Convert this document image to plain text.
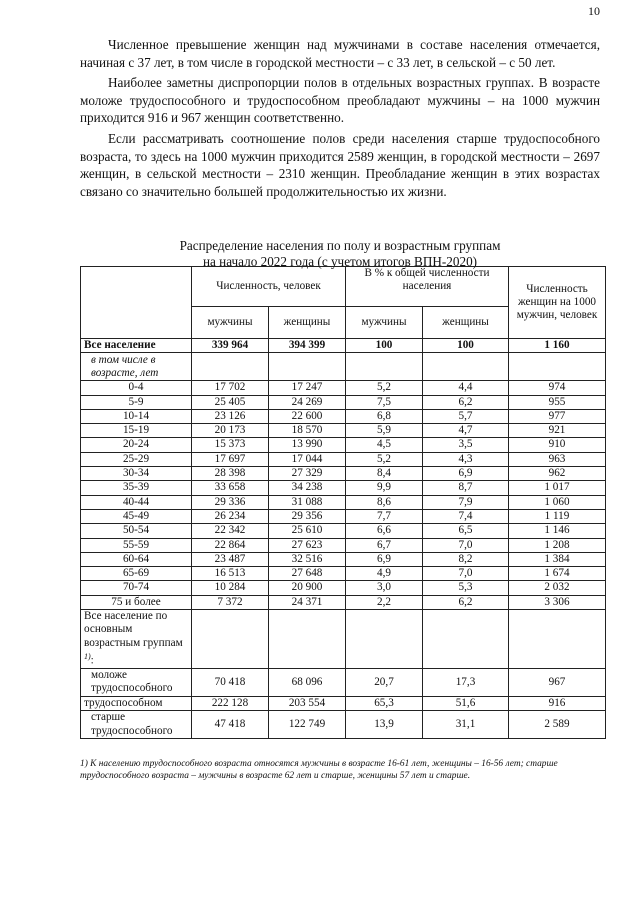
10

Численное превышение женщин над мужчинами в составе населения отмечается, начиная с 37 лет, в том числе в городской местности – с 33 лет, в сельской – с 50 лет.

Наиболее заметны диспропорции полов в отдельных возрастных группах. В возрасте моложе трудоспособного и трудоспособном преобладают мужчины – на 1000 мужчин приходится 916 и 967 женщин соответственно.

Если рассматривать соотношение полов среди населения старше трудоспособного возраста, то здесь на 1000 мужчин приходится 2589 женщин, в городской местности – 2697 женщин, в сельской местности – 2310 женщин. Преобладание женщин в этих возрастах связано со значительно большей продолжительностью их жизни.

Распределение населения по полу и возрастным группам
на начало 2022 года (с учетом итогов ВПН-2020)
	Численность, человек		В % к общей численности населения		Численность женщин на 1000 мужчин, человек
	мужчины	женщины	мужчины	женщины	
Все население	339 964	394 399	100	100	1 160
в том числе в возрасте, лет					
0-4	17 702	17 247	5,2	4,4	974
5-9	25 405	24 269	7,5	6,2	955
10-14	23 126	22 600	6,8	5,7	977
15-19	20 173	18 570	5,9	4,7	921
20-24	15 373	13 990	4,5	3,5	910
25-29	17 697	17 044	5,2	4,3	963
30-34	28 398	27 329	8,4	6,9	962
35-39	33 658	34 238	9,9	8,7	1 017
40-44	29 336	31 088	8,6	7,9	1 060
45-49	26 234	29 356	7,7	7,4	1 119
50-54	22 342	25 610	6,6	6,5	1 146
55-59	22 864	27 623	6,7	7,0	1 208
60-64	23 487	32 516	6,9	8,2	1 384
65-69	16 513	27 648	4,9	7,0	1 674
70-74	10 284	20 900	3,0	5,3	2 032
75 и более	7 372	24 371	2,2	6,2	3 306
Все население по основным возрастным группам $^{1)}$:					
моложе трудоспособного	70 418	68 096	20,7	17,3	967
трудоспособном	222 128	203 554	65,3	51,6	916
старше трудоспособного	47 418	122 749	13,9	31,1	2 589
1) К населению трудоспособного возраста относятся мужчины в возрасте 16-61 лет, женщины – 16-56 лет; старше трудоспособного возраста – мужчины в возрасте 62 лет и старше, женщины 57 лет и старше.
